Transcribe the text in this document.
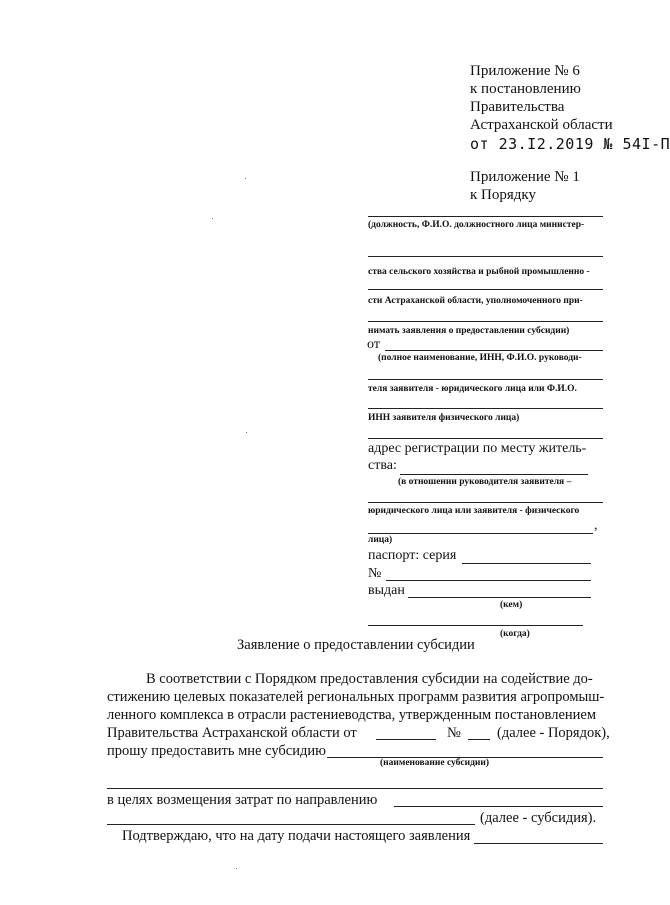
Приложение № 6
к постановлению
Правительства
Астраханской области
от 23.I2.2019 № 54I-П
Приложение № 1
к Порядку
(должность, Ф.И.О. должностного лица министер-
ства сельского хозяйства и рыбной промышленно -
сти Астраханской области, уполномоченного при-
нимать заявления о предоставлении субсидии)
от
(полное наименование, ИНН, Ф.И.О. руководи-
теля заявителя - юридического лица или Ф.И.О.
ИНН заявителя физического лица)
адрес регистрации по месту житель-
ства:
(в отношении руководителя заявителя –
юридического лица или заявителя - физического
,
лица)
паспорт: серия
№
выдан
(кем)
(когда)
Заявление о предоставлении субсидии
В соответствии с Порядком предоставления субсидии на содействие до-
стижению целевых показателей региональных программ развития агропромыш-
ленного комплекса в отрасли растениеводства, утвержденным постановлением
Правительства Астраханской области от	№ (далее - Порядок),
прошу предоставить мне субсидию
(наименование субсидии)
в целях возмещения затрат по направлению
(далее - субсидия).
Подтверждаю, что на дату подачи настоящего заявления
